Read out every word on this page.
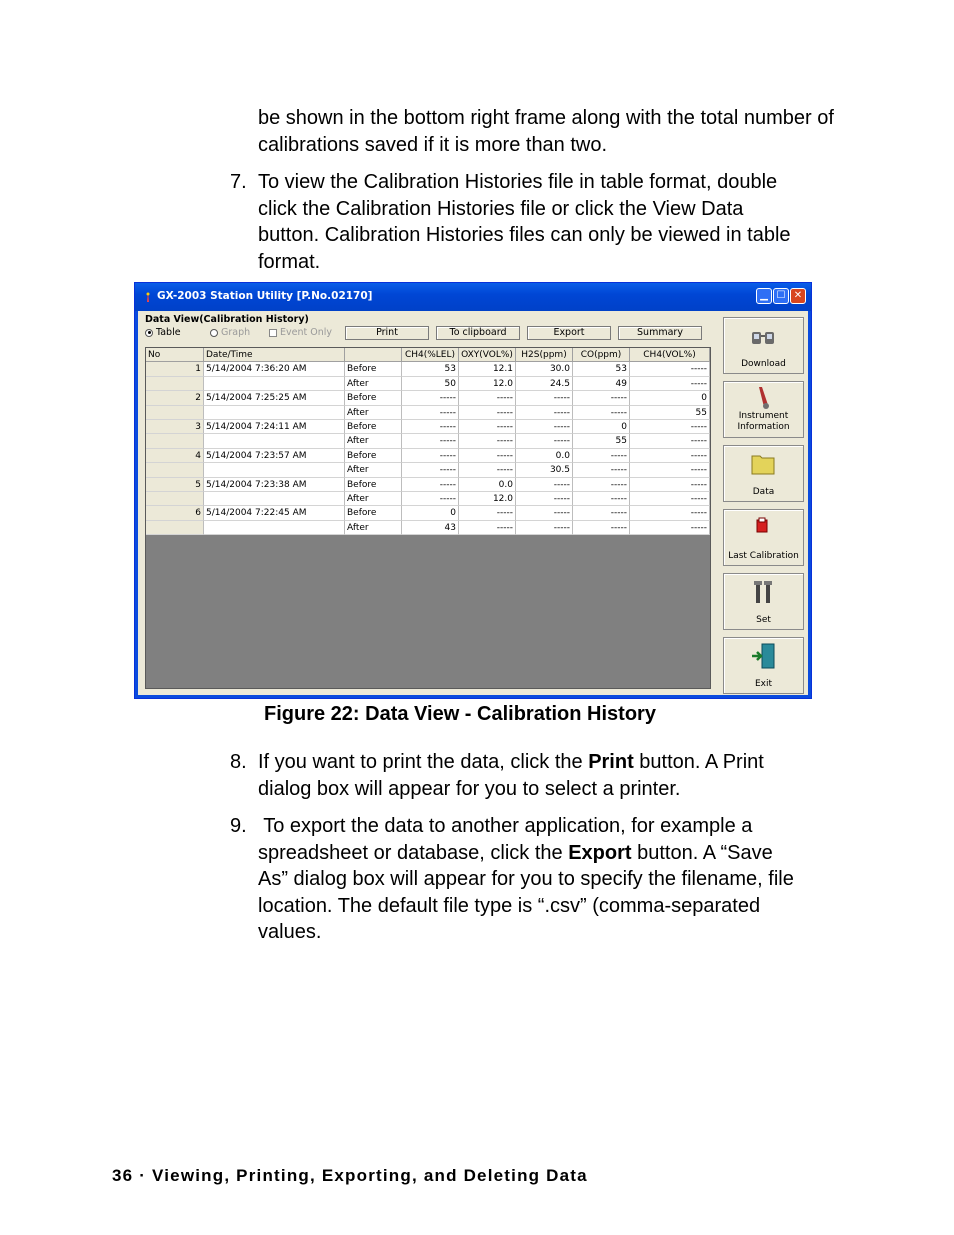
be shown in the bottom right frame along with the total number of calibrations saved if it is more than two.
7. To view the Calibration Histories file in table format, double
click the Calibration Histories file or click the View Data
button. Calibration Histories files can only be viewed in table
format.
GX-2003 Station Utility [P.No.02170]	▁ ☐ ✕
Data View(Calibration History)
Table	Graph	Event Only	Print	To clipboard	Export	Summary
No	Date/Time	CH4(%LEL) OXY(VOL%) H2S(ppm)	CO(ppm)	CH4(VOL%)
1 5/14/2004 7:36:20 AM	Before	53	12.1	30.0	53	-----
After	50	12.0	24.5	49	-----
2 5/14/2004 7:25:25 AM	Before	-----	-----	-----	-----	0
After	-----	-----	-----	-----	55
3 5/14/2004 7:24:11 AM	Before	-----	-----	-----	0	-----
After	-----	-----	-----	55	-----
4 5/14/2004 7:23:57 AM	Before	-----	-----	0.0	-----	-----
After	-----	-----	30.5	-----	-----
5 5/14/2004 7:23:38 AM	Before	-----	0.0	-----	-----	-----
After	-----	12.0	-----	-----	-----
6 5/14/2004 7:22:45 AM	Before	0	-----	-----	-----	-----
After	43	-----	-----	-----	-----
Download
Instrument Information
Data
Last Calibration
Set
Exit
Figure 22: Data View - Calibration History
8. If you want to print the data, click the Print button. A Print
dialog box will appear for you to select a printer.
9. To export the data to another application, for example a
spreadsheet or database, click the Export button. A “Save
As” dialog box will appear for you to specify the filename, file
location. The default file type is “.csv” (comma-separated
values.
36 · Viewing, Printing, Exporting, and Deleting Data
